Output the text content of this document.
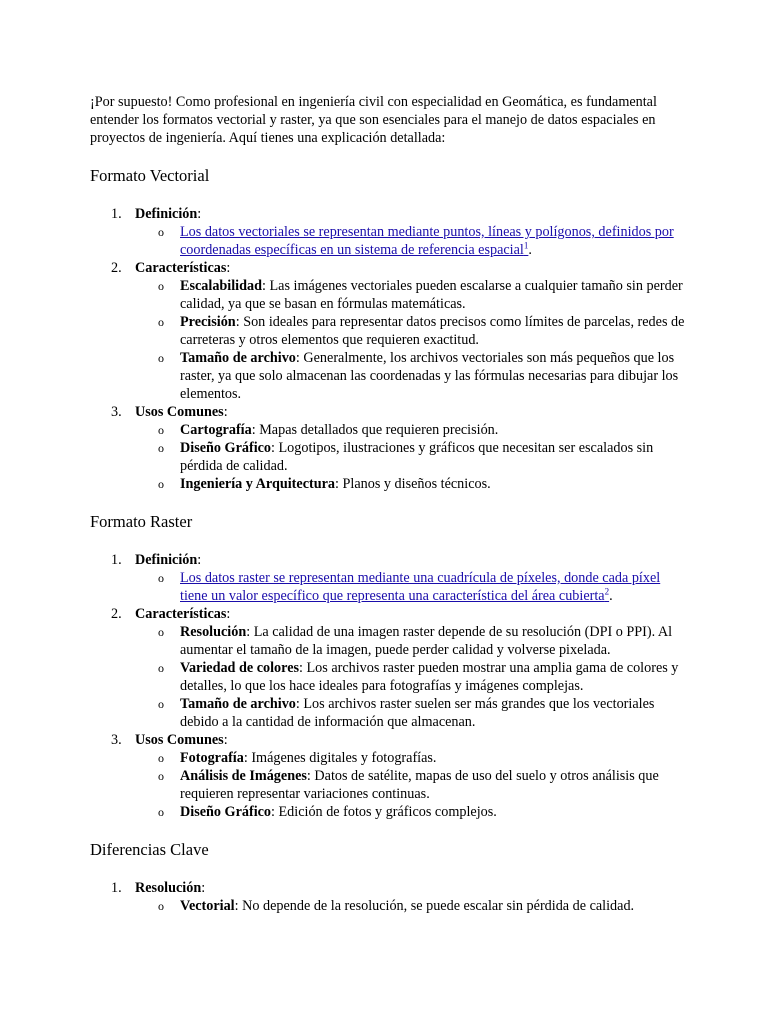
¡Por supuesto! Como profesional en ingeniería civil con especialidad en Geomática, es fundamental entender los formatos vectorial y raster, ya que son esenciales para el manejo de datos espaciales en proyectos de ingeniería. Aquí tienes una explicación detallada:

Formato Vectorial
1. Definición:
o Los datos vectoriales se representan mediante puntos, líneas y polígonos, definidos por coordenadas específicas en un sistema de referencia espacial$^1$.
2. Características:
o Escalabilidad: Las imágenes vectoriales pueden escalarse a cualquier tamaño sin perder calidad, ya que se basan en fórmulas matemáticas.
o Precisión: Son ideales para representar datos precisos como límites de parcelas, redes de carreteras y otros elementos que requieren exactitud.
o Tamaño de archivo: Generalmente, los archivos vectoriales son más pequeños que los raster, ya que solo almacenan las coordenadas y las fórmulas necesarias para dibujar los elementos.
3. Usos Comunes:
o Cartografía: Mapas detallados que requieren precisión.
o Diseño Gráfico: Logotipos, ilustraciones y gráficos que necesitan ser escalados sin pérdida de calidad.
o Ingeniería y Arquitectura: Planos y diseños técnicos.
Formato Raster
1. Definición:
o Los datos raster se representan mediante una cuadrícula de píxeles, donde cada píxel tiene un valor específico que representa una característica del área cubierta$^2$.
2. Características:
o Resolución: La calidad de una imagen raster depende de su resolución (DPI o PPI). Al aumentar el tamaño de la imagen, puede perder calidad y volverse pixelada.
o Variedad de colores: Los archivos raster pueden mostrar una amplia gama de colores y detalles, lo que los hace ideales para fotografías y imágenes complejas.
o Tamaño de archivo: Los archivos raster suelen ser más grandes que los vectoriales debido a la cantidad de información que almacenan.
3. Usos Comunes:
o Fotografía: Imágenes digitales y fotografías.
o Análisis de Imágenes: Datos de satélite, mapas de uso del suelo y otros análisis que requieren representar variaciones continuas.
o Diseño Gráfico: Edición de fotos y gráficos complejos.
Diferencias Clave
1. Resolución:
o Vectorial: No depende de la resolución, se puede escalar sin pérdida de calidad.
